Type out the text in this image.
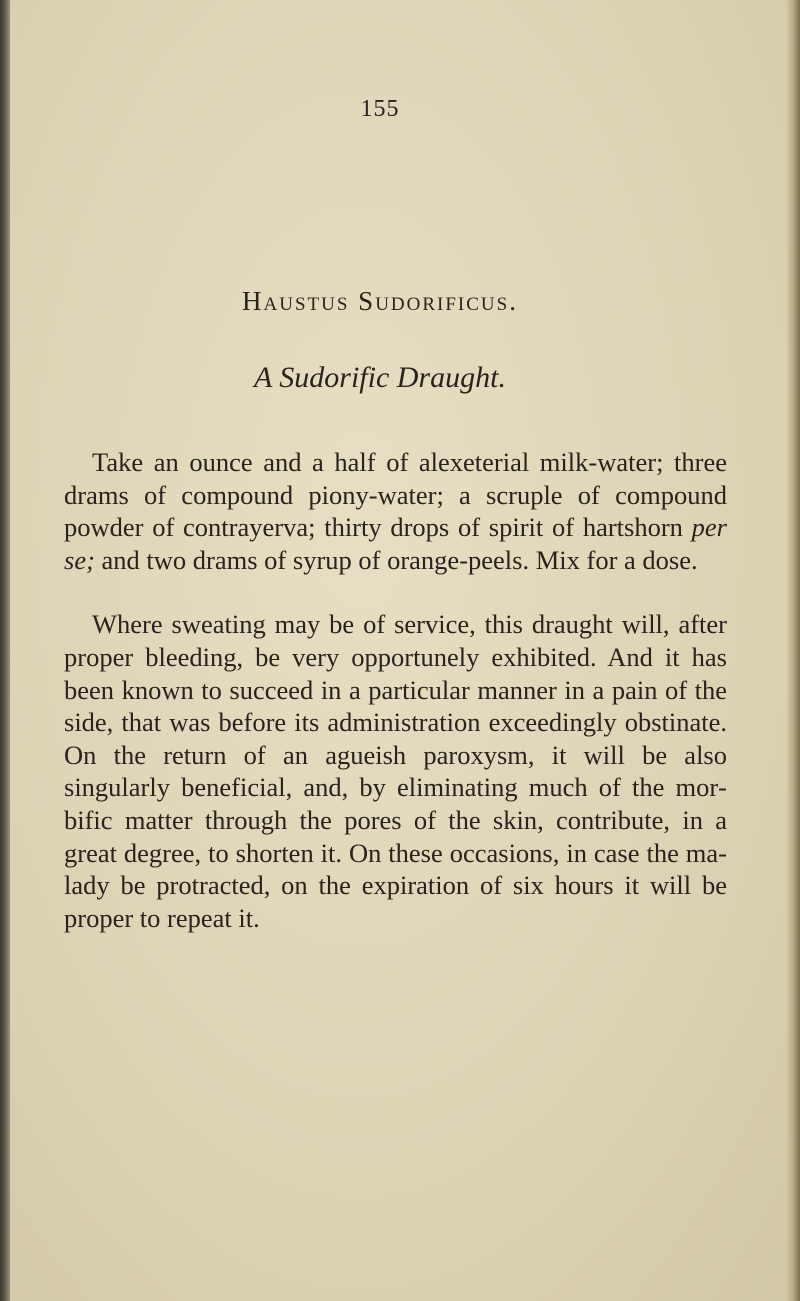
155
Haustus Sudorificus.
A Sudorific Draught.

Take an ounce and a half of alexeterial milk-water; three drams of compound piony-water; a scruple of compound powder of contrayerva; thirty drops of spirit of hartshorn per se; and two drams of syrup of orange-peels. Mix for a dose.

Where sweating may be of service, this draught will, after proper bleeding, be very opportunely exhibited. And it has been known to succeed in a particular manner in a pain of the side, that was before its administration exceedingly obstinate. On the return of an agueish paroxysm, it will be also singularly beneficial, and, by eliminating much of the morbific matter through the pores of the skin, contribute, in a great degree, to shorten it. On these occasions, in case the malady be protracted, on the expiration of six hours it will be proper to repeat it.
